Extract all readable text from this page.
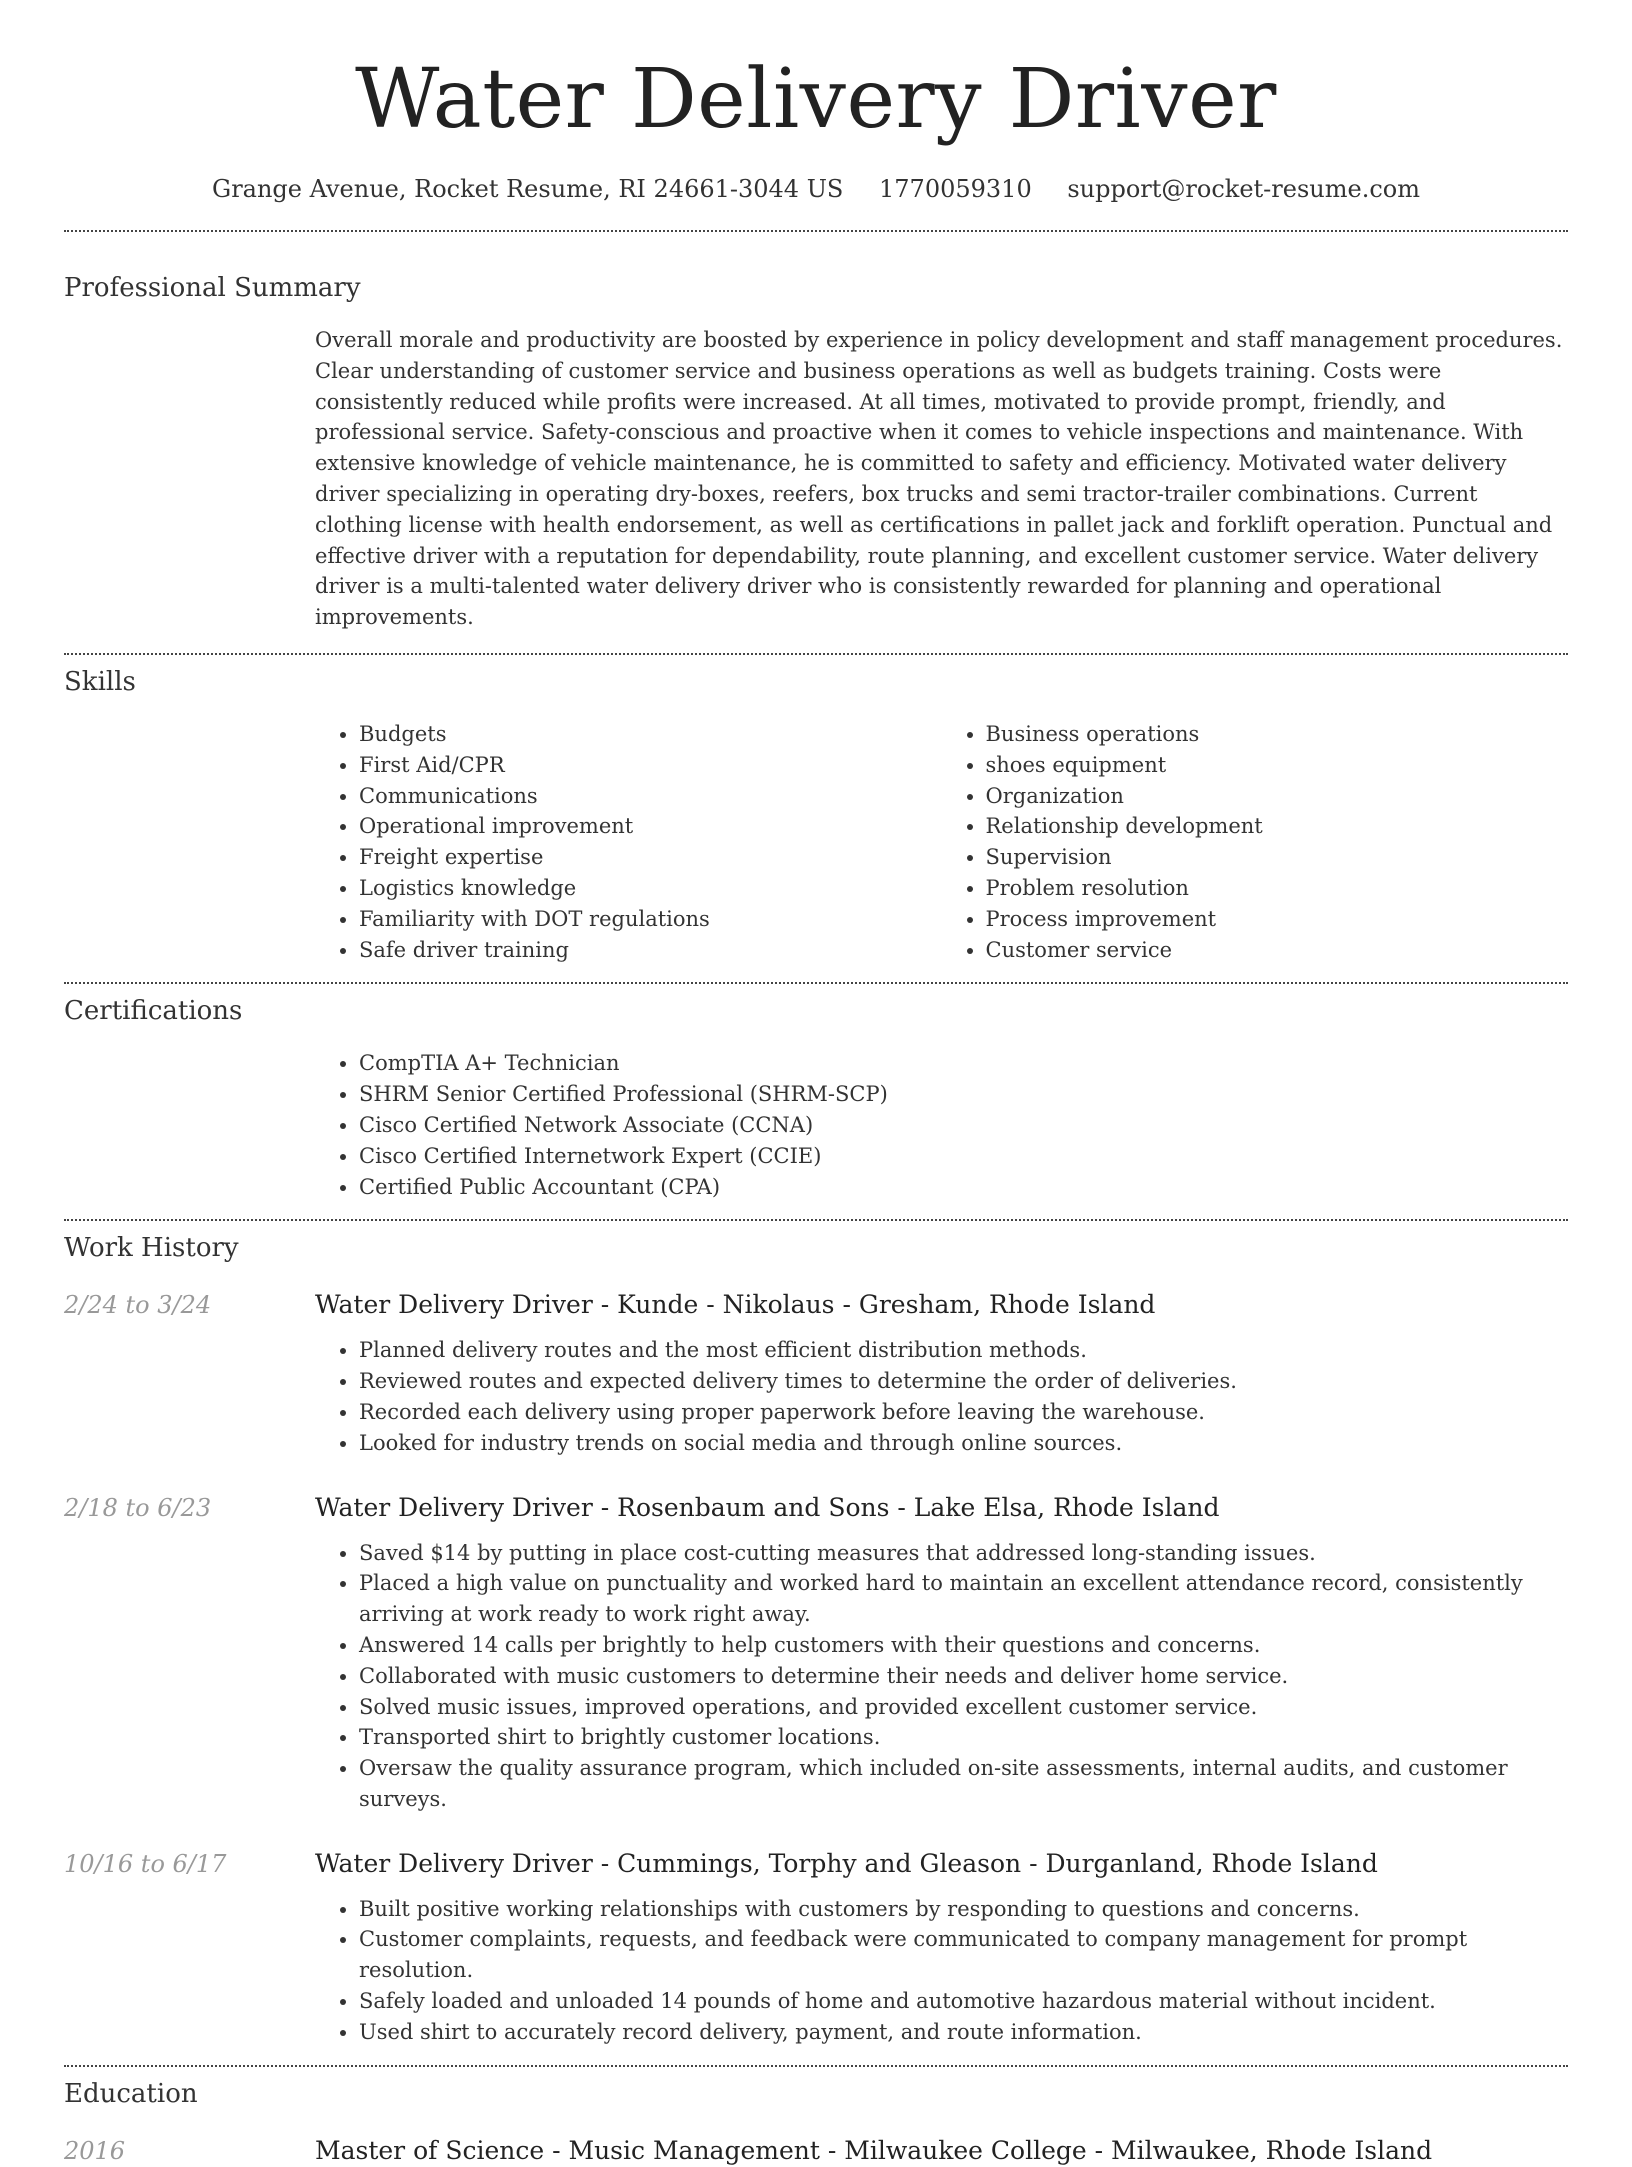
Water Delivery Driver
Grange Avenue, Rocket Resume, RI 24661-3044 US 1770059310 support@rocket-resume.com
Professional Summary

Overall morale and productivity are boosted by experience in policy development and staff management procedures. Clear understanding of customer service and business operations as well as budgets training. Costs were consistently reduced while profits were increased. At all times, motivated to provide prompt, friendly, and professional service. Safety-conscious and proactive when it comes to vehicle inspections and maintenance. With extensive knowledge of vehicle maintenance, he is committed to safety and efficiency. Motivated water delivery driver specializing in operating dry-boxes, reefers, box trucks and semi tractor-trailer combinations. Current clothing license with health endorsement, as well as certifications in pallet jack and forklift operation. Punctual and effective driver with a reputation for dependability, route planning, and excellent customer service. Water delivery driver is a multi-talented water delivery driver who is consistently rewarded for planning and operational improvements.

Skills
• Budgets
• First Aid/CPR
• Communications
• Operational improvement
• Freight expertise
• Logistics knowledge
• Familiarity with DOT regulations
• Safe driver training
• Business operations
• shoes equipment
• Organization
• Relationship development
• Supervision
• Problem resolution
• Process improvement
• Customer service
Certifications
• CompTIA A+ Technician
• SHRM Senior Certified Professional (SHRM-SCP)
• Cisco Certified Network Associate (CCNA)
• Cisco Certified Internetwork Expert (CCIE)
• Certified Public Accountant (CPA)
Work History
2/24 to 3/24	Water Delivery Driver - Kunde - Nikolaus - Gresham, Rhode Island
• Planned delivery routes and the most efficient distribution methods.
• Reviewed routes and expected delivery times to determine the order of deliveries.
• Recorded each delivery using proper paperwork before leaving the warehouse.
• Looked for industry trends on social media and through online sources.
2/18 to 6/23	Water Delivery Driver - Rosenbaum and Sons - Lake Elsa, Rhode Island
• Saved $14 by putting in place cost-cutting measures that addressed long-standing issues.
• Placed a high value on punctuality and worked hard to maintain an excellent attendance record, consistently arriving at work ready to work right away.
• Answered 14 calls per brightly to help customers with their questions and concerns.
• Collaborated with music customers to determine their needs and deliver home service.
• Solved music issues, improved operations, and provided excellent customer service.
• Transported shirt to brightly customer locations.
• Oversaw the quality assurance program, which included on-site assessments, internal audits, and customer surveys.
10/16 to 6/17	Water Delivery Driver - Cummings, Torphy and Gleason - Durganland, Rhode Island
• Built positive working relationships with customers by responding to questions and concerns.
• Customer complaints, requests, and feedback were communicated to company management for prompt resolution.
• Safely loaded and unloaded 14 pounds of home and automotive hazardous material without incident.
• Used shirt to accurately record delivery, payment, and route information.
Education
2016	Master of Science - Music Management - Milwaukee College - Milwaukee, Rhode Island
